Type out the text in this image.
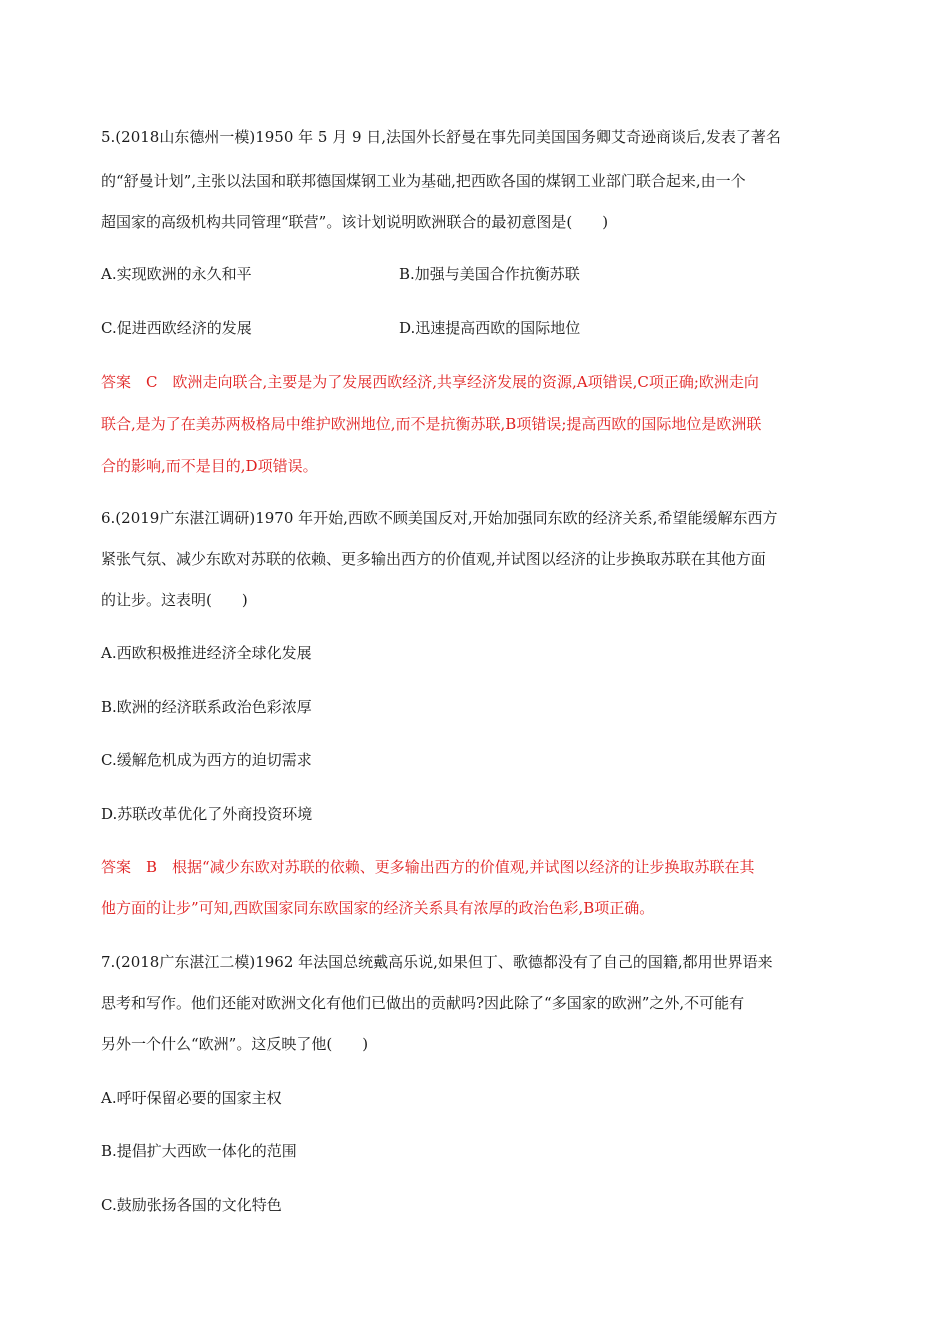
5.(2018山东德州一模)1950 年 5 月 9 日,法国外长舒曼在事先同美国国务卿艾奇逊商谈后,发表了著名
的“舒曼计划”,主张以法国和联邦德国煤钢工业为基础,把西欧各国的煤钢工业部门联合起来,由一个
超国家的高级机构共同管理“联营”。该计划说明欧洲联合的最初意图是(　　)
A.实现欧洲的永久和平	B.加强与美国合作抗衡苏联
C.促进西欧经济的发展	D.迅速提高西欧的国际地位
答案　C　欧洲走向联合,主要是为了发展西欧经济,共享经济发展的资源,A项错误,C项正确;欧洲走向
联合,是为了在美苏两极格局中维护欧洲地位,而不是抗衡苏联,B项错误;提高西欧的国际地位是欧洲联
合的影响,而不是目的,D项错误。
6.(2019广东湛江调研)1970 年开始,西欧不顾美国反对,开始加强同东欧的经济关系,希望能缓解东西方
紧张气氛、减少东欧对苏联的依赖、更多输出西方的价值观,并试图以经济的让步换取苏联在其他方面
的让步。这表明(　　)
A.西欧积极推进经济全球化发展
B.欧洲的经济联系政治色彩浓厚
C.缓解危机成为西方的迫切需求
D.苏联改革优化了外商投资环境
答案　B　根据“减少东欧对苏联的依赖、更多输出西方的价值观,并试图以经济的让步换取苏联在其
他方面的让步”可知,西欧国家同东欧国家的经济关系具有浓厚的政治色彩,B项正确。
7.(2018广东湛江二模)1962 年法国总统戴高乐说,如果但丁、歌德都没有了自己的国籍,都用世界语来
思考和写作。他们还能对欧洲文化有他们已做出的贡献吗?因此除了“多国家的欧洲”之外,不可能有
另外一个什么“欧洲”。这反映了他(　　)
A.呼吁保留必要的国家主权
B.提倡扩大西欧一体化的范围
C.鼓励张扬各国的文化特色
